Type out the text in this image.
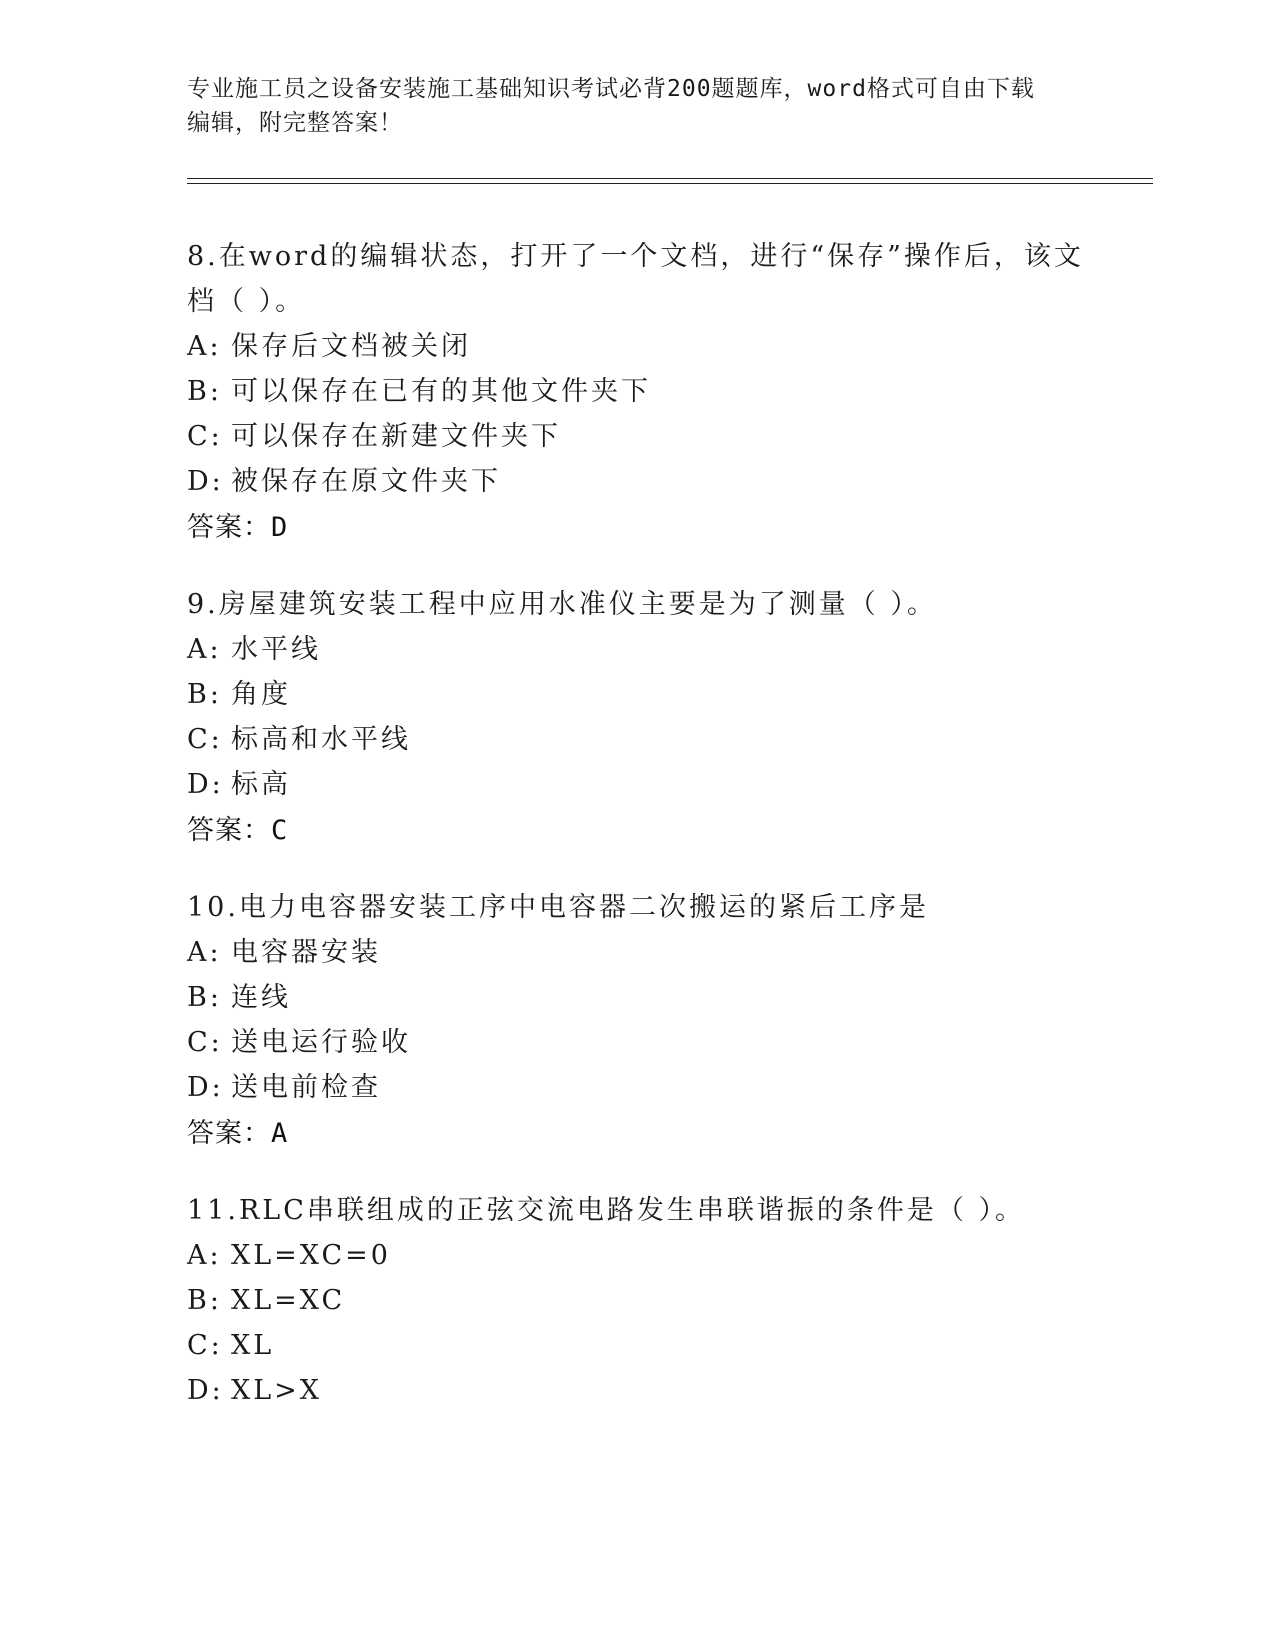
专业施工员之设备安装施工基础知识考试必背200题题库，word格式可自由下载
编辑，附完整答案！
8.在word的编辑状态，打开了一个文档，进行“保存”操作后，该文档（ ）。
A: 保存后文档被关闭
B: 可以保存在已有的其他文件夹下
C: 可以保存在新建文件夹下
D: 被保存在原文件夹下
答案：D
9.房屋建筑安装工程中应用水准仪主要是为了测量（ ）。
A: 水平线
B: 角度
C: 标高和水平线
D: 标高
答案：C
10.电力电容器安装工序中电容器二次搬运的紧后工序是
A: 电容器安装
B: 连线
C: 送电运行验收
D: 送电前检查
答案：A
11.RLC串联组成的正弦交流电路发生串联谐振的条件是（ ）。
A: XL=XC=0
B: XL=XC
C: XL
D: XL>X
